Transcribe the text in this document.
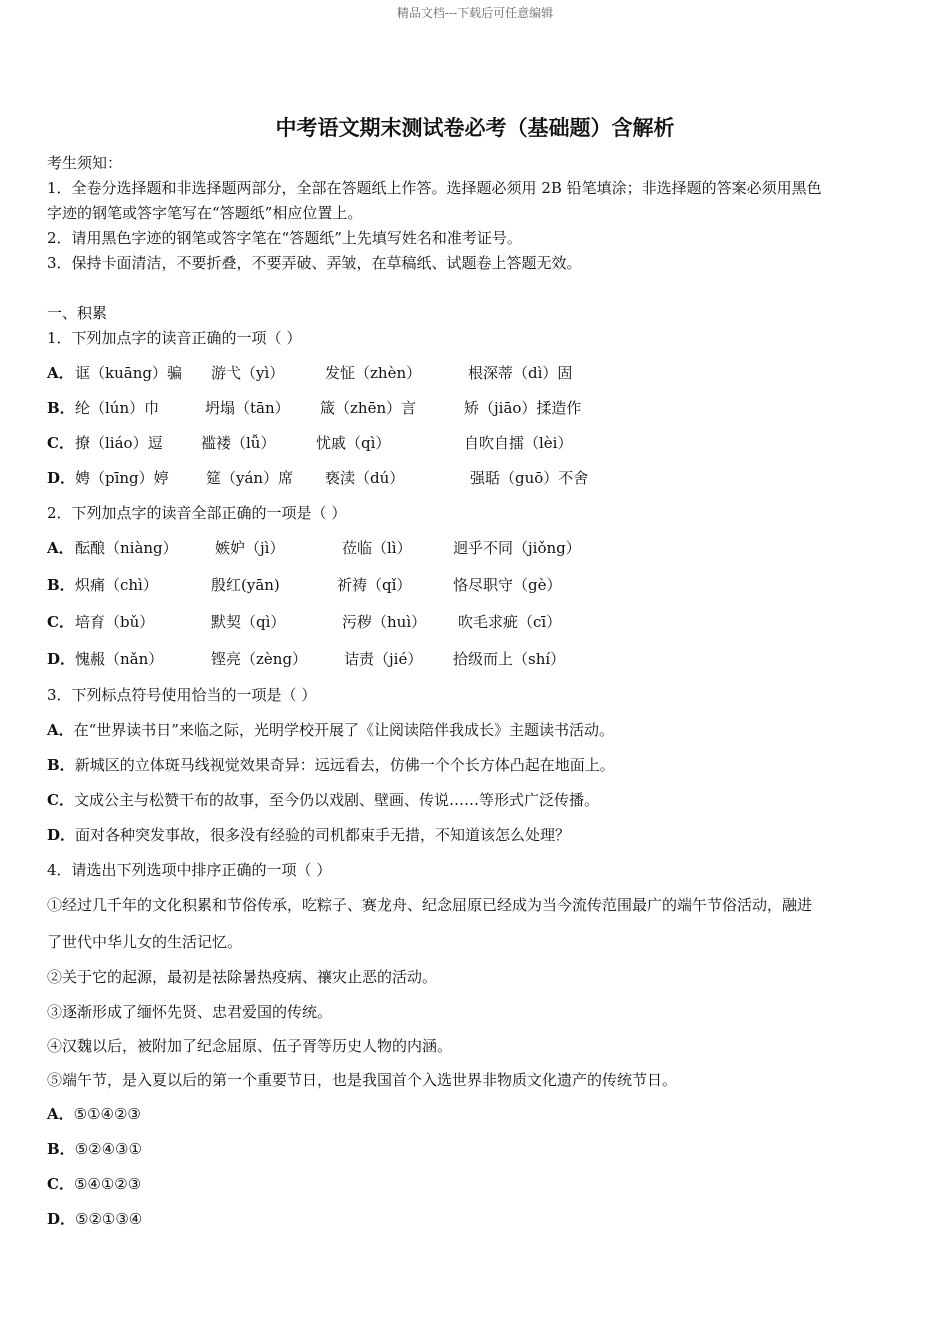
精品文档---下载后可任意编辑
中考语文期末测试卷必考（基础题）含解析
考生须知：
1．全卷分选择题和非选择题两部分，全部在答题纸上作答。选择题必须用 2B 铅笔填涂；非选择题的答案必须用黑色
字迹的钢笔或答字笔写在“答题纸”相应位置上。
2．请用黑色字迹的钢笔或答字笔在“答题纸”上先填写姓名和准考证号。
3．保持卡面清洁，不要折叠，不要弄破、弄皱，在草稿纸、试题卷上答题无效。
一、积累
1．下列加点字的读音正确的一项（ ）
A． 诓（kuāng）骗 游弋（yì）	发怔（zhèn）	根深蒂（dì）固
B． 纶（lún）巾	坍塌（tān） 箴（zhēn）言	矫（jiāo）揉造作
C． 撩（liáo）逗	褴褛（lǚ）	忧戚（qì）	自吹自擂（lèi）
D． 娉（pīng）婷 筵（yán）席 亵渎（dú）	强聒（guō）不舍
2．下列加点字的读音全部正确的一项是（ ）
A． 酝酿（niàng） 嫉妒（jì）	莅临（lì）	迥乎不同（jiǒng）
B． 炽痛（chì）	殷红(yān)	祈祷（qǐ）	恪尽职守（gè）
C． 培育（bǔ）	默契（qì）	污秽（huì） 吹毛求疵（cī）
D． 愧赧（nǎn）	铿亮（zèng） 诘责（jié） 拾级而上（shí）
3．下列标点符号使用恰当的一项是（ ）
A．在“世界读书日”来临之际，光明学校开展了《让阅读陪伴我成长》主题读书活动。
B．新城区的立体斑马线视觉效果奇异：远远看去，仿佛一个个长方体凸起在地面上。
C．文成公主与松赞干布的故事，至今仍以戏剧、壁画、传说……等形式广泛传播。
D．面对各种突发事故，很多没有经验的司机都束手无措，不知道该怎么处理？
4．请选出下列选项中排序正确的一项（ ）
①经过几千年的文化积累和节俗传承，吃粽子、赛龙舟、纪念屈原已经成为当今流传范围最广的端午节俗活动，融进
了世代中华儿女的生活记忆。
②关于它的起源，最初是祛除暑热疫病、禳灾止恶的活动。
③逐渐形成了缅怀先贤、忠君爱国的传统。
④汉魏以后，被附加了纪念屈原、伍子胥等历史人物的内涵。
⑤端午节，是入夏以后的第一个重要节日，也是我国首个入选世界非物质文化遗产的传统节日。
A．⑤①④②③
B．⑤②④③①
C．⑤④①②③
D．⑤②①③④
